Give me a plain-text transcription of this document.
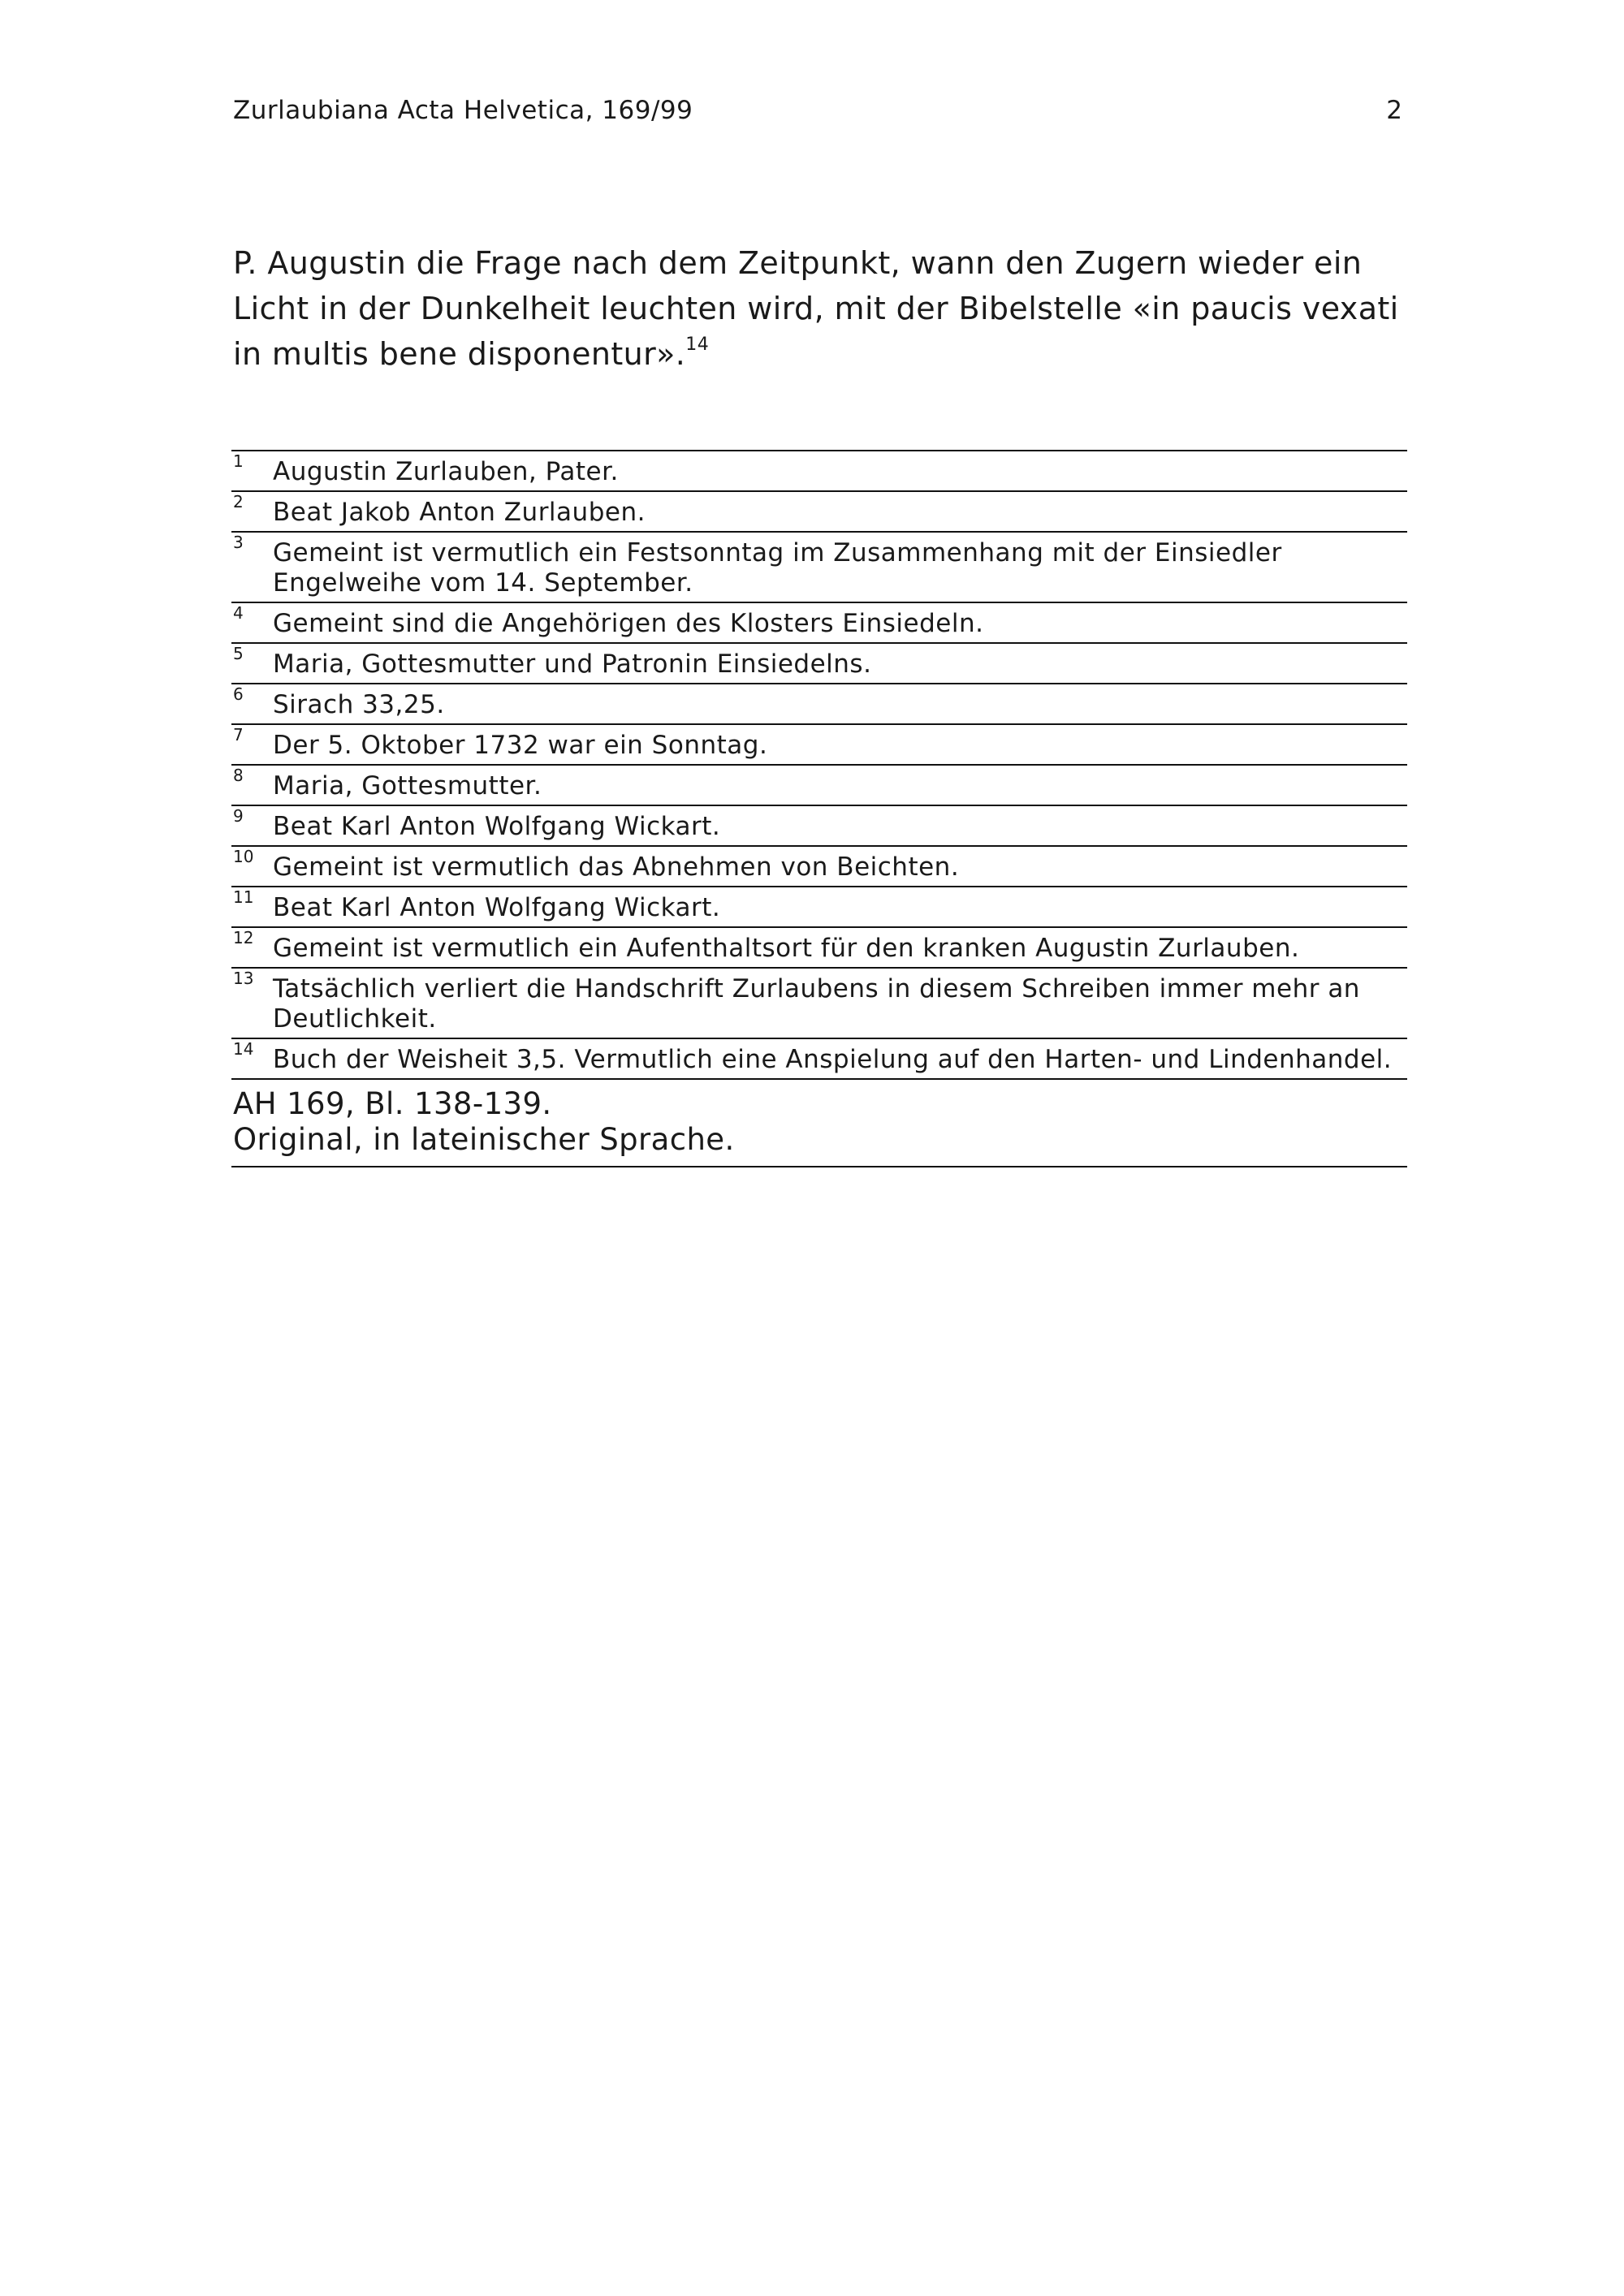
Zurlaubiana Acta Helvetica, 169/99	2

P. Augustin die Frage nach dem Zeitpunkt, wann den Zugern wieder ein Licht in der Dunkelheit leuchten wird, mit der Bibelstelle «in paucis vexati in multis bene disponentur».$^{14}$

1 Augustin Zurlauben, Pater.
2 Beat Jakob Anton Zurlauben.
3 Gemeint ist vermutlich ein Festsonntag im Zusammenhang mit der Einsiedler Engelweihe vom 14. September.
4 Gemeint sind die Angehörigen des Klosters Einsiedeln.
5 Maria, Gottesmutter und Patronin Einsiedelns.
6 Sirach 33,25.
7 Der 5. Oktober 1732 war ein Sonntag.
8 Maria, Gottesmutter.
9 Beat Karl Anton Wolfgang Wickart.
10 Gemeint ist vermutlich das Abnehmen von Beichten.
11 Beat Karl Anton Wolfgang Wickart.
12 Gemeint ist vermutlich ein Aufenthaltsort für den kranken Augustin Zurlauben.
13 Tatsächlich verliert die Handschrift Zurlaubens in diesem Schreiben immer mehr an Deutlichkeit.
14 Buch der Weisheit 3,5. Vermutlich eine Anspielung auf den Harten- und Lindenhandel.
AH 169, Bl. 138-139.
Original, in lateinischer Sprache.
